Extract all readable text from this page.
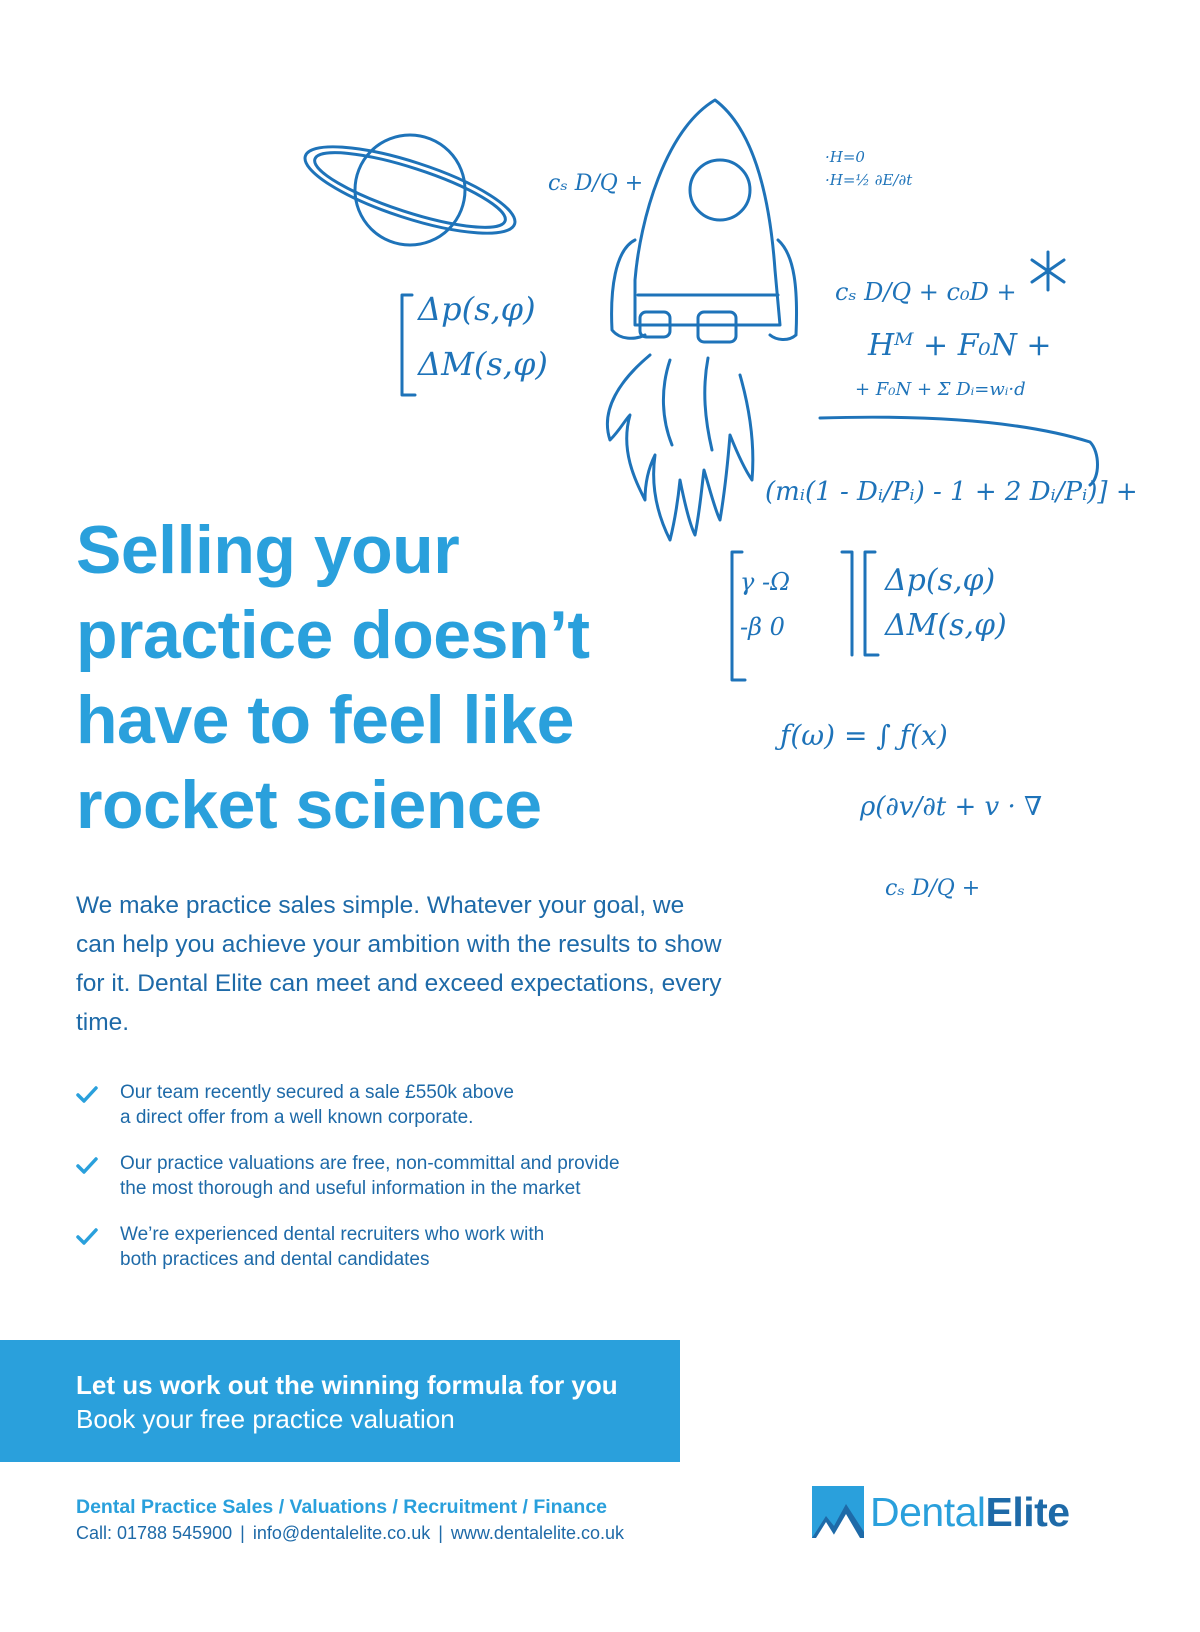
Δp(s,φ)
ΔM(s,φ)
cₛ D/Q +
·H=0
·H=½ ∂E/∂t
cₛ D/Q + c₀D +
Hᴹ + F₀N +
+ F₀N + Σ Dᵢ=wᵢ·d
(mᵢ(1 - Dᵢ/Pᵢ) - 1 + 2 Dᵢ/Pᵢ)] +
γ -Ω
-β 0
Δp(s,φ)
ΔM(s,φ)
ƒ(ω) = ∫ ƒ(x)
ρ(∂v/∂t + v · ∇
cₛ D/Q +
Selling your
practice doesn’t
have to feel like
rocket science

We make practice sales simple. Whatever your goal, we can help you achieve your ambition with the results to show for it. Dental Elite can meet and exceed expectations, every time.

Our team recently secured a sale £550k above
a direct offer from a well known corporate.
Our practice valuations are free, non-committal and provide
the most thorough and useful information in the market
We’re experienced dental recruiters who work with
both practices and dental candidates
Let us work out the winning formula for you
Book your free practice valuation
Dental Practice Sales / Valuations / Recruitment / Finance
Call: 01788 545900 | info@dentalelite.co.uk | www.dentalelite.co.uk	DentalElite
